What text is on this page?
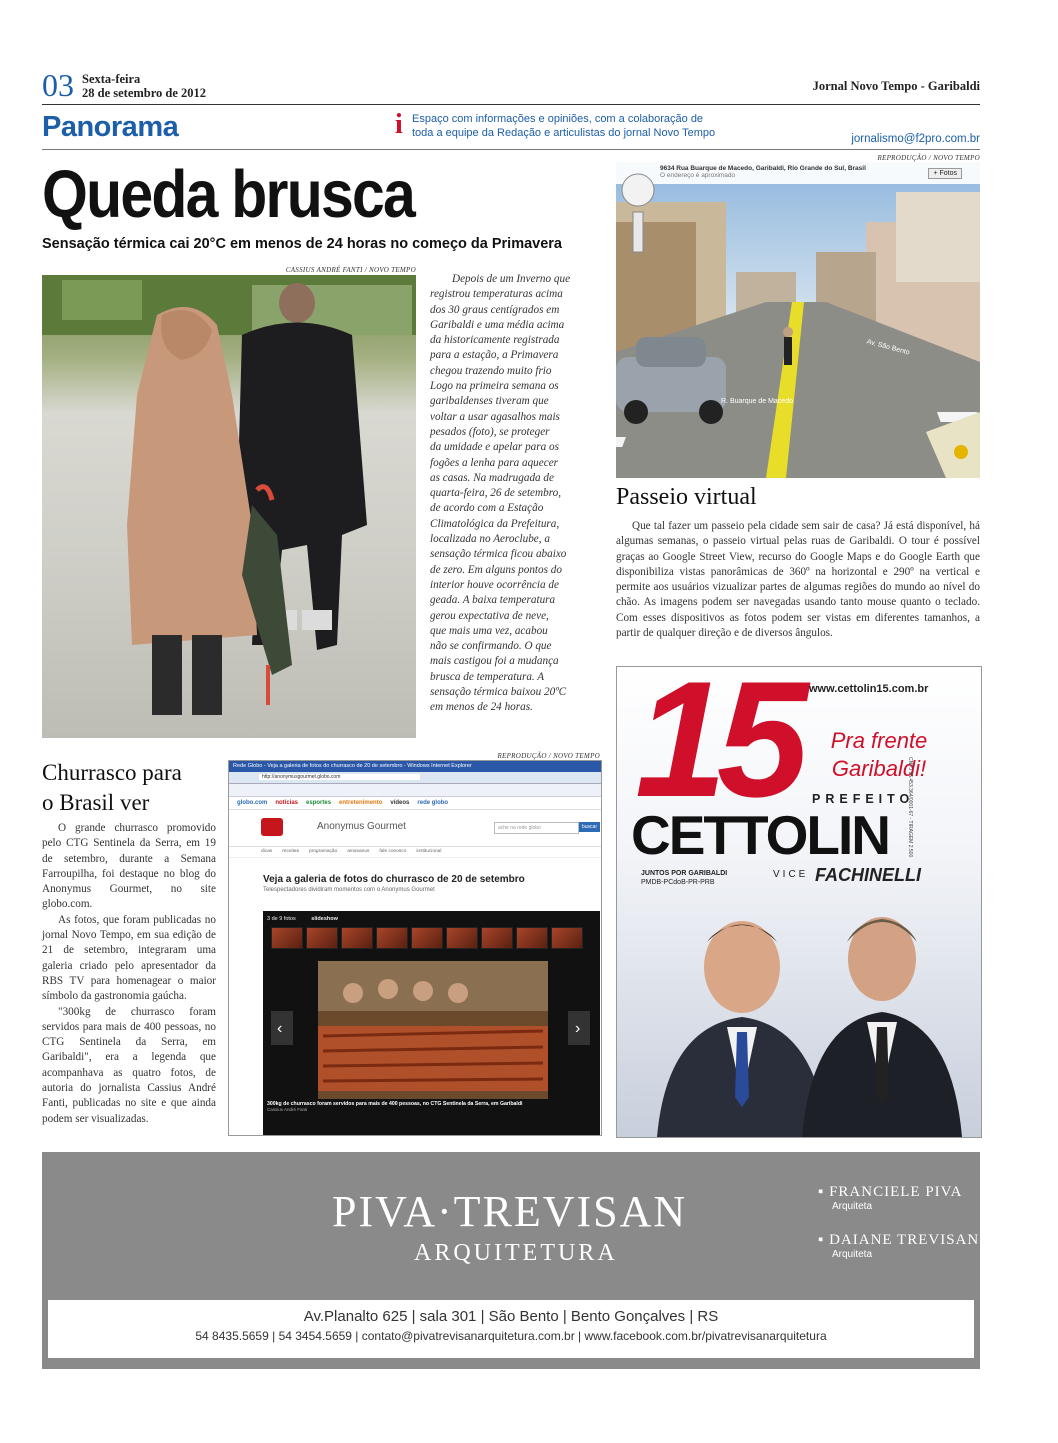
03 Sexta-feira
28 de setembro de 2012	Jornal Novo Tempo - Garibaldi
Panorama	i Espaço com informações e opiniões, com a colaboração de
toda a equipe da Redação e articulistas do jornal Novo Tempo	jornalismo@f2pro.com.br
Queda brusca
Sensação térmica cai 20°C em menos de 24 horas no começo da Primavera
CASSIUS ANDRÉ FANTI / NOVO TEMPO
Depois de um Inverno que
registrou temperaturas acima
dos 30 graus centígrados em
Garibaldi e uma média acima
da historicamente registrada
para a estação, a Primavera
chegou trazendo muito frio
Logo na primeira semana os
garibaldenses tiveram que
voltar a usar agasalhos mais
pesados (foto), se proteger
da umidade e apelar para os
fogões a lenha para aquecer
as casas. Na madrugada de
quarta-feira, 26 de setembro,
de acordo com a Estação
Climatológica da Prefeitura,
localizada no Aeroclube, a
sensação térmica ficou abaixo
de zero. Em alguns pontos do
interior houve ocorrência de
geada. A baixa temperatura
gerou expectativa de neve,
que mais uma vez, acabou
não se confirmando. O que
mais castigou foi a mudança
brusca de temperatura. A
sensação térmica baixou 20ºC
em menos de 24 horas.
REPRODUÇÃO / NOVO TEMPO
9634 Rua Buarque de Macedo, Garibaldi, Rio Grande do Sul, Brasil
O endereço é aproximado	+ Fotos
R. Buarque de Macedo
Av. São Bento
Passeio virtual

Que tal fazer um passeio pela cidade sem sair de casa? Já está disponível, há algumas semanas, o passeio virtual pelas ruas de Garibaldi. O tour é possível graças ao Google Street View, recurso do Google Maps e do Google Earth que disponibiliza vistas panorâmicas de 360º na horizontal e 290º na vertical e permite aos usuários vizualizar partes de algumas regiões do mundo ao nível do chão. As imagens podem ser navegadas usando tanto mouse quanto o teclado. Com esses dispositivos as fotos podem ser vistas em diferentes tamanhos, a partir de qualquer direção e de diversos ângulos.

15 www.cettolin15.com.br
Pra frente
Garibaldi!
PREFEITO
CETTOLIN
JUNTOS POR GARIBALDI
PMDB-PCdoB-PR-PRB
VICE FACHINELLI
CNPJ 16.453.364/0001-67 - TIRAGEM 2.500
Churrasco para
o Brasil ver

O grande churrasco promovido pelo CTG Sentinela da Serra, em 19 de setembro, durante a Semana Farroupilha, foi destaque no blog do Anonymus Gourmet, no site globo.com.

As fotos, que foram publicadas no jornal Novo Tempo, em sua edição de 21 de setembro, integraram uma galeria criado pelo apresentador da RBS TV para homenagear o maior símbolo da gastronomia gaúcha.

"300kg de churrasco foram servidos para mais de 400 pessoas, no CTG Sentinela da Serra, em Garibaldi", era a legenda que acompanhava as quatro fotos, de autoria do jornalista Cassius André Fanti, publicadas no site e que ainda podem ser visualizadas.

REPRODUÇÃO / NOVO TEMPO
Rede Globo - Veja a galeria de fotos do churrasco de 20 de setembro - Windows Internet Explorer
http://anonymusgourmet.globo.com
globo.com notícias esportes entretenimento vídeos rede globo
Anonymus Gourmet	ache na rede globo	buscar
dicas receitas programação amavanus fale conosco institucional
Veja a galeria de fotos do churrasco de 20 de setembro
Telespectadores dividiram momentos com o Anonymus Gourmet
3 de 9 fotos	slideshow
‹	›
300kg de churrasco foram servidos para mais de 400 pessoas, no CTG Sentinela da Serra, em Garibaldi
Cassius André Fanti
PIVA·TREVISAN
ARQUITETURA
▪ FRANCIELE PIVA
Arquiteta
▪ DAIANE TREVISAN
Arquiteta
Av.Planalto 625 | sala 301 | São Bento | Bento Gonçalves | RS
54 8435.5659 | 54 3454.5659 | contato@pivatrevisanarquitetura.com.br | www.facebook.com.br/pivatrevisanarquitetura
